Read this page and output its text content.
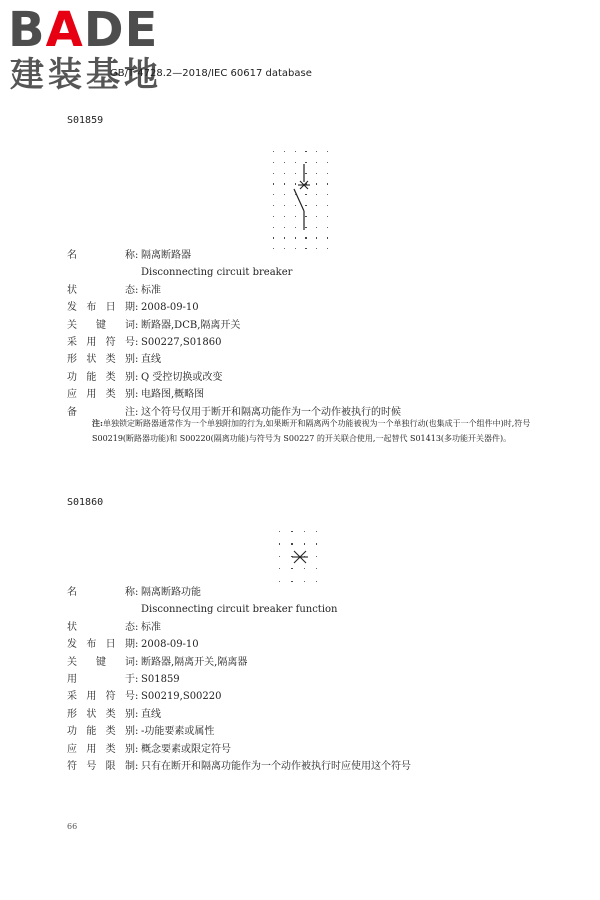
BADE
建装基地
GB/T 4728.2—2018/IEC 60617 database
S01859
名	称 : 隔离断路器
Disconnecting circuit breaker
状	态 : 标准
发 布 日 期 : 2008-09-10
关 键 词 : 断路器,DCB,隔离开关
采 用 符 号 : S00227,S01860
形 状 类 别 : 直线
功 能 类 别 : Q 受控切换或改变
应 用 类 别 : 电路图,概略图
备	注 : 这个符号仅用于断开和隔离功能作为一个动作被执行的时候
注:单独锁定断路器通常作为一个单独附加的行为,如果断开和隔离两个功能被视为一个单独行动(也集成于一个组件中)时,符号 S00219(断路器功能)和 S00220(隔离功能)与符号为 S00227 的开关联合使用,一起替代 S01413(多功能开关器件)。
S01860
名	称 : 隔离断路功能
Disconnecting circuit breaker function
状	态 : 标准
发 布 日 期 : 2008-09-10
关 键 词 : 断路器,隔离开关,隔离器
用	于 : S01859
采 用 符 号 : S00219,S00220
形 状 类 别 : 直线
功 能 类 别 : -功能要素或属性
应 用 类 别 : 概念要素或限定符号
符 号 限 制 : 只有在断开和隔离功能作为一个动作被执行时应使用这个符号
66
